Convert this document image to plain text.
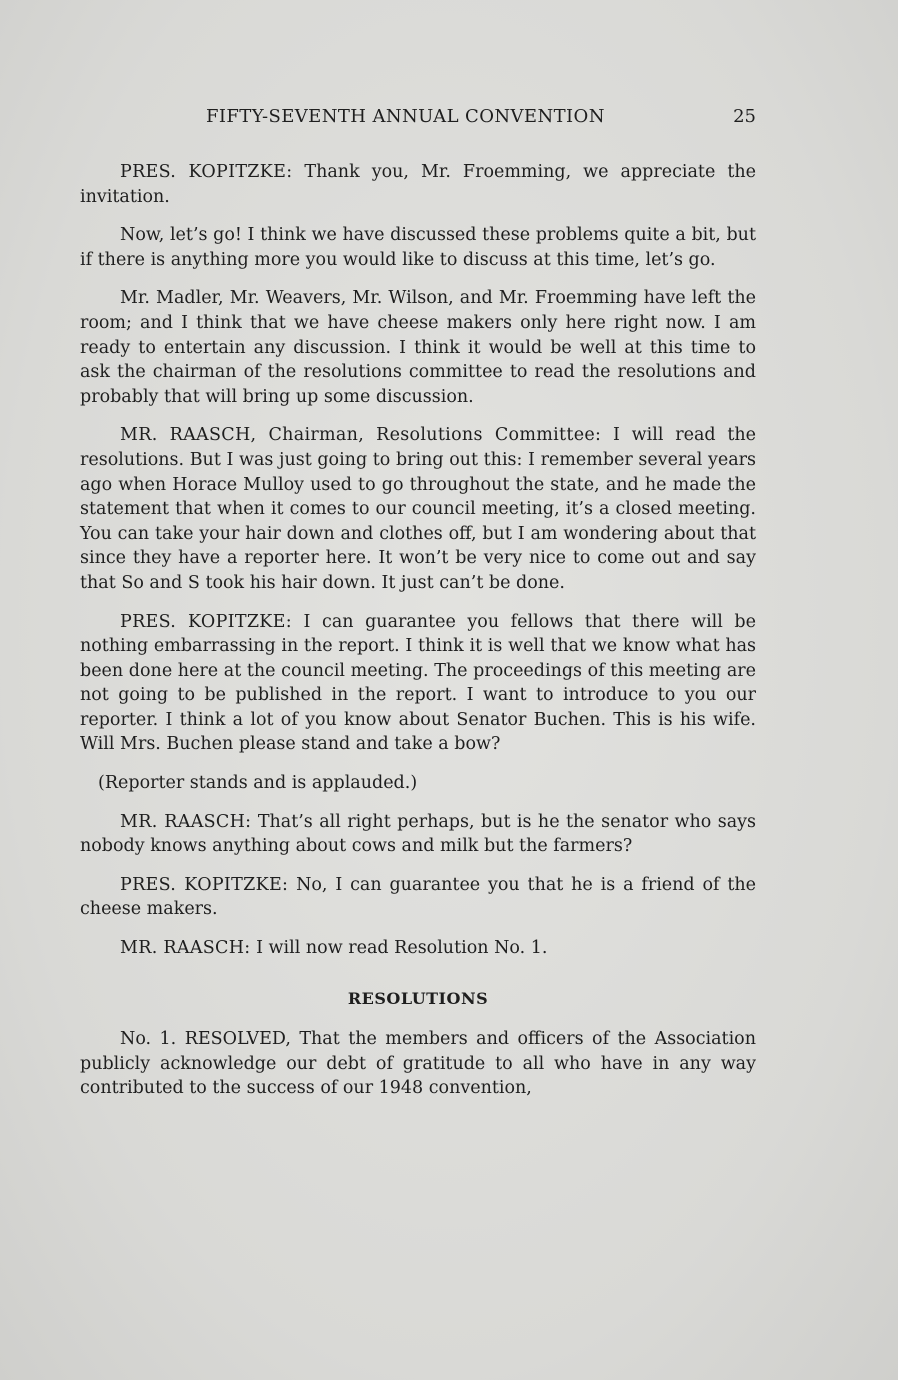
FIFTY-SEVENTH ANNUAL CONVENTION	25

PRES. KOPITZKE: Thank you, Mr. Froemming, we appreciate the invitation.

Now, let’s go! I think we have discussed these problems quite a bit, but if there is anything more you would like to discuss at this time, let’s go.

Mr. Madler, Mr. Weavers, Mr. Wilson, and Mr. Froemming have left the room; and I think that we have cheese makers only here right now. I am ready to entertain any discussion. I think it would be well at this time to ask the chairman of the resolutions committee to read the resolutions and probably that will bring up some discussion.

MR. RAASCH, Chairman, Resolutions Committee: I will read the resolutions. But I was just going to bring out this: I remember several years ago when Horace Mulloy used to go throughout the state, and he made the statement that when it comes to our council meeting, it’s a closed meeting. You can take your hair down and clothes off, but I am wondering about that since they have a reporter here. It won’t be very nice to come out and say that So and S took his hair down. It just can’t be done.

PRES. KOPITZKE: I can guarantee you fellows that there will be nothing embarrassing in the report. I think it is well that we know what has been done here at the council meeting. The proceedings of this meeting are not going to be published in the report. I want to introduce to you our reporter. I think a lot of you know about Senator Buchen. This is his wife. Will Mrs. Buchen please stand and take a bow?

(Reporter stands and is applauded.)

MR. RAASCH: That’s all right perhaps, but is he the senator who says nobody knows anything about cows and milk but the farmers?

PRES. KOPITZKE: No, I can guarantee you that he is a friend of the cheese makers.

MR. RAASCH: I will now read Resolution No. 1.

RESOLUTIONS

No. 1. RESOLVED, That the members and officers of the Association publicly acknowledge our debt of gratitude to all who have in any way contributed to the success of our 1948 convention,
